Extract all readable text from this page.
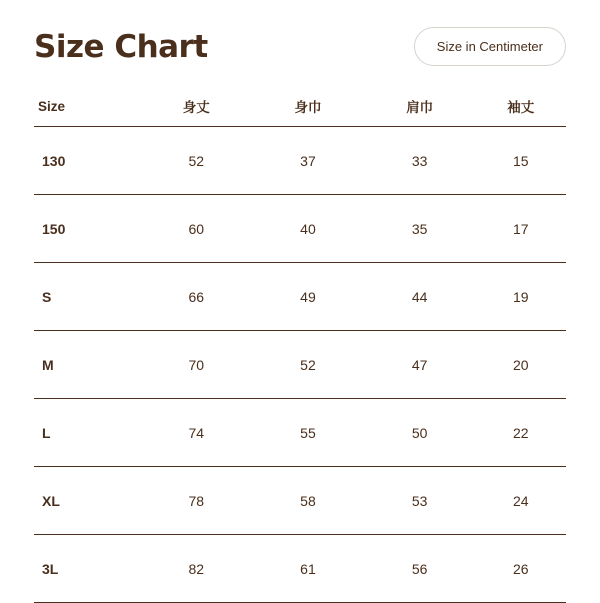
Size Chart	Size in Centimeter
Size	身丈	身巾	肩巾	袖丈
130	52	37	33	15
150	60	40	35	17
S	66	49	44	19
M	70	52	47	20
L	74	55	50	22
XL	78	58	53	24
3L	82	61	56	26
